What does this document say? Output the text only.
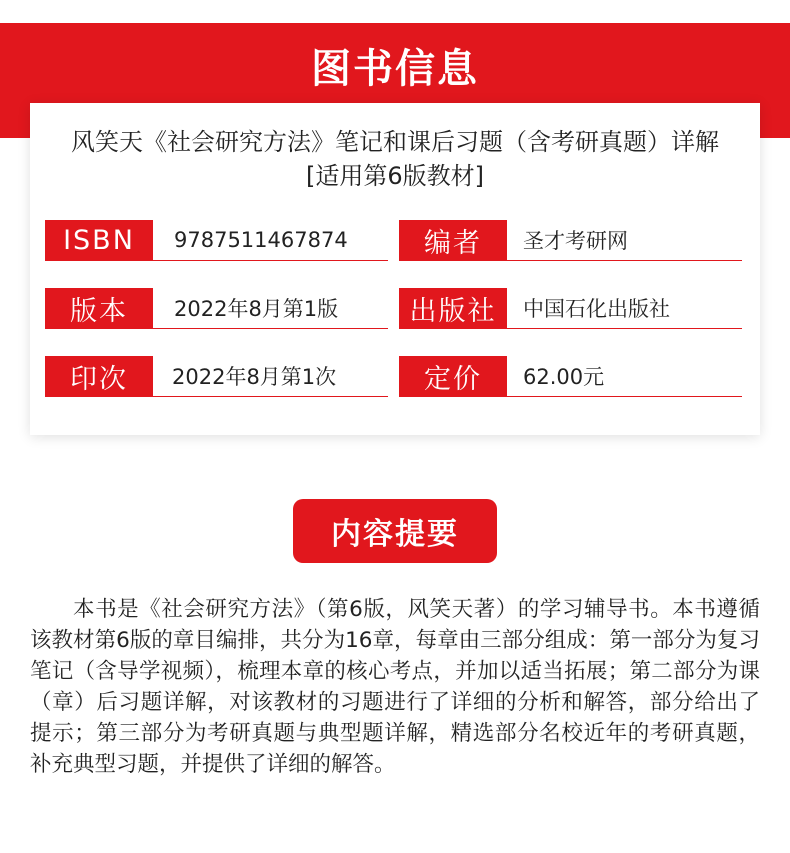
图书信息
风笑天《社会研究方法》笔记和课后习题（含考研真题）详解
[适用第6版教材]
ISBN	9787511467874	编者	圣才考研网
版本	2022年8月第1版	出版社	中国石化出版社
印次	2022年8月第1次	定价	62.00元
内容提要
本书是《社会研究方法》（第6版，风笑天著）的学习辅导书。本书遵循该教材第6版的章目编排，共分为16章，每章由三部分组成：第一部分为复习笔记（含导学视频），梳理本章的核心考点，并加以适当拓展；第二部分为课（章）后习题详解，对该教材的习题进行了详细的分析和解答，部分给出了提示；第三部分为考研真题与典型题详解，精选部分名校近年的考研真题，补充典型习题，并提供了详细的解答。
